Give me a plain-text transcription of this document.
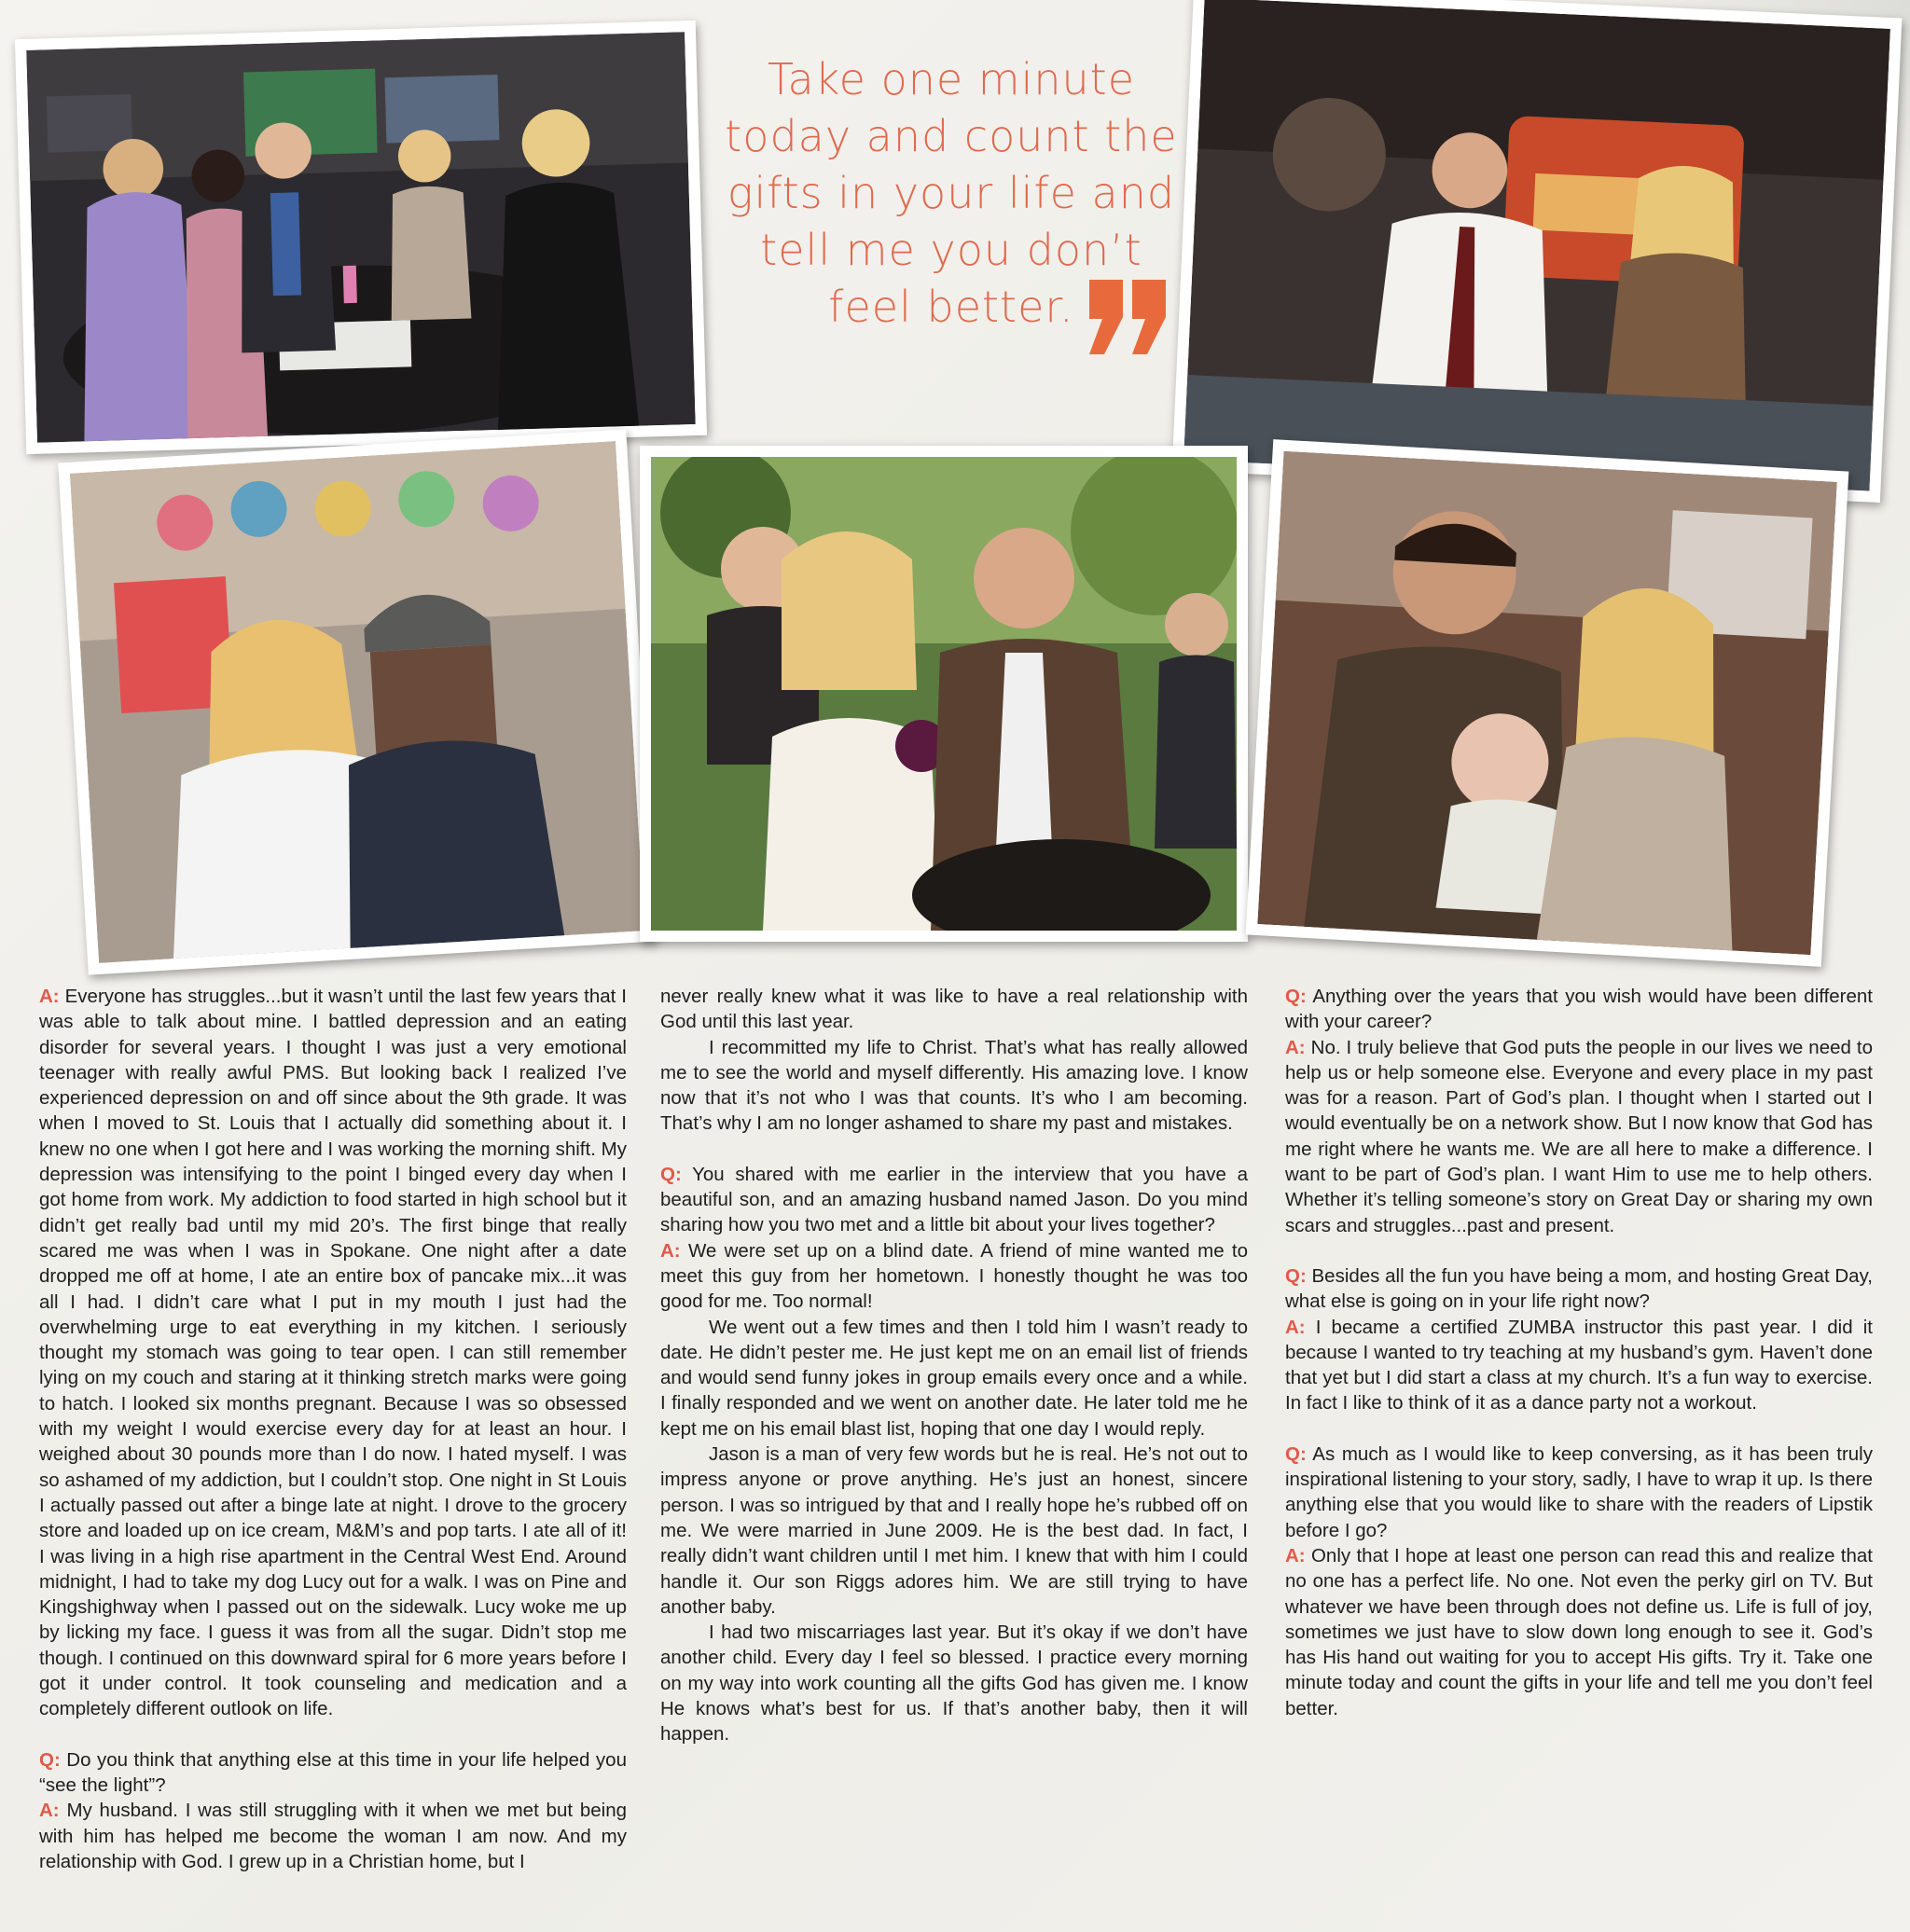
Take one minute
today and count the
gifts in your life and
tell me you don’t
feel better.

A: Everyone has struggles...but it wasn’t until the last few years that I was able to talk about mine. I battled depression and an eating disorder for several years. I thought I was just a very emotional teenager with really awful PMS. But looking back I realized I’ve experienced depression on and off since about the 9th grade. It was when I moved to St. Louis that I actually did something about it. I knew no one when I got here and I was working the morning shift. My depression was intensifying to the point I binged every day when I got home from work. My addiction to food started in high school but it didn’t get really bad until my mid 20’s. The first binge that really scared me was when I was in Spokane. One night after a date dropped me off at home, I ate an entire box of pancake mix...it was all I had. I didn’t care what I put in my mouth I just had the overwhelming urge to eat everything in my kitchen. I seriously thought my stomach was going to tear open. I can still remember lying on my couch and staring at it thinking stretch marks were going to hatch. I looked six months pregnant. Because I was so obsessed with my weight I would exercise every day for at least an hour. I weighed about 30 pounds more than I do now. I hated myself. I was so ashamed of my addiction, but I couldn’t stop. One night in St Louis I actually passed out after a binge late at night. I drove to the grocery store and loaded up on ice cream, M&M’s and pop tarts. I ate all of it! I was living in a high rise apartment in the Central West End. Around midnight, I had to take my dog Lucy out for a walk. I was on Pine and Kingshighway when I passed out on the sidewalk. Lucy woke me up by licking my face. I guess it was from all the sugar. Didn’t stop me though. I continued on this downward spiral for 6 more years before I got it under control. It took counseling and medication and a completely different outlook on life.

Q: Do you think that anything else at this time in your life helped you “see the light”?

A: My husband. I was still struggling with it when we met but being with him has helped me become the woman I am now. And my relationship with God. I grew up in a Christian home, but I

never really knew what it was like to have a real relationship with God until this last year.

I recommitted my life to Christ. That’s what has really allowed me to see the world and myself differently. His amazing love. I know now that it’s not who I was that counts. It’s who I am becoming. That’s why I am no longer ashamed to share my past and mistakes.

Q: You shared with me earlier in the interview that you have a beautiful son, and an amazing husband named Jason. Do you mind sharing how you two met and a little bit about your lives together?

A: We were set up on a blind date. A friend of mine wanted me to meet this guy from her hometown. I honestly thought he was too good for me. Too normal!

We went out a few times and then I told him I wasn’t ready to date. He didn’t pester me. He just kept me on an email list of friends and would send funny jokes in group emails every once and a while. I finally responded and we went on another date. He later told me he kept me on his email blast list, hoping that one day I would reply.

Jason is a man of very few words but he is real. He’s not out to impress anyone or prove anything. He’s just an honest, sincere person. I was so intrigued by that and I really hope he’s rubbed off on me. We were married in June 2009. He is the best dad. In fact, I really didn’t want children until I met him. I knew that with him I could handle it. Our son Riggs adores him. We are still trying to have another baby.

I had two miscarriages last year. But it’s okay if we don’t have another child. Every day I feel so blessed. I practice every morning on my way into work counting all the gifts God has given me. I know He knows what’s best for us. If that’s another baby, then it will happen.

Q: Anything over the years that you wish would have been different with your career?

A: No. I truly believe that God puts the people in our lives we need to help us or help someone else. Everyone and every place in my past was for a reason. Part of God’s plan. I thought when I started out I would eventually be on a network show. But I now know that God has me right where he wants me. We are all here to make a difference. I want to be part of God’s plan. I want Him to use me to help others. Whether it’s telling someone’s story on Great Day or sharing my own scars and struggles...past and present.

Q: Besides all the fun you have being a mom, and hosting Great Day, what else is going on in your life right now?

A: I became a certified ZUMBA instructor this past year. I did it because I wanted to try teaching at my husband’s gym. Haven’t done that yet but I did start a class at my church. It’s a fun way to exercise. In fact I like to think of it as a dance party not a workout.

Q: As much as I would like to keep conversing, as it has been truly inspirational listening to your story, sadly, I have to wrap it up. Is there anything else that you would like to share with the readers of Lipstik before I go?

A: Only that I hope at least one person can read this and realize that no one has a perfect life. No one. Not even the perky girl on TV. But whatever we have been through does not define us. Life is full of joy, sometimes we just have to slow down long enough to see it. God’s has His hand out waiting for you to accept His gifts. Try it. Take one minute today and count the gifts in your life and tell me you don’t feel better.
